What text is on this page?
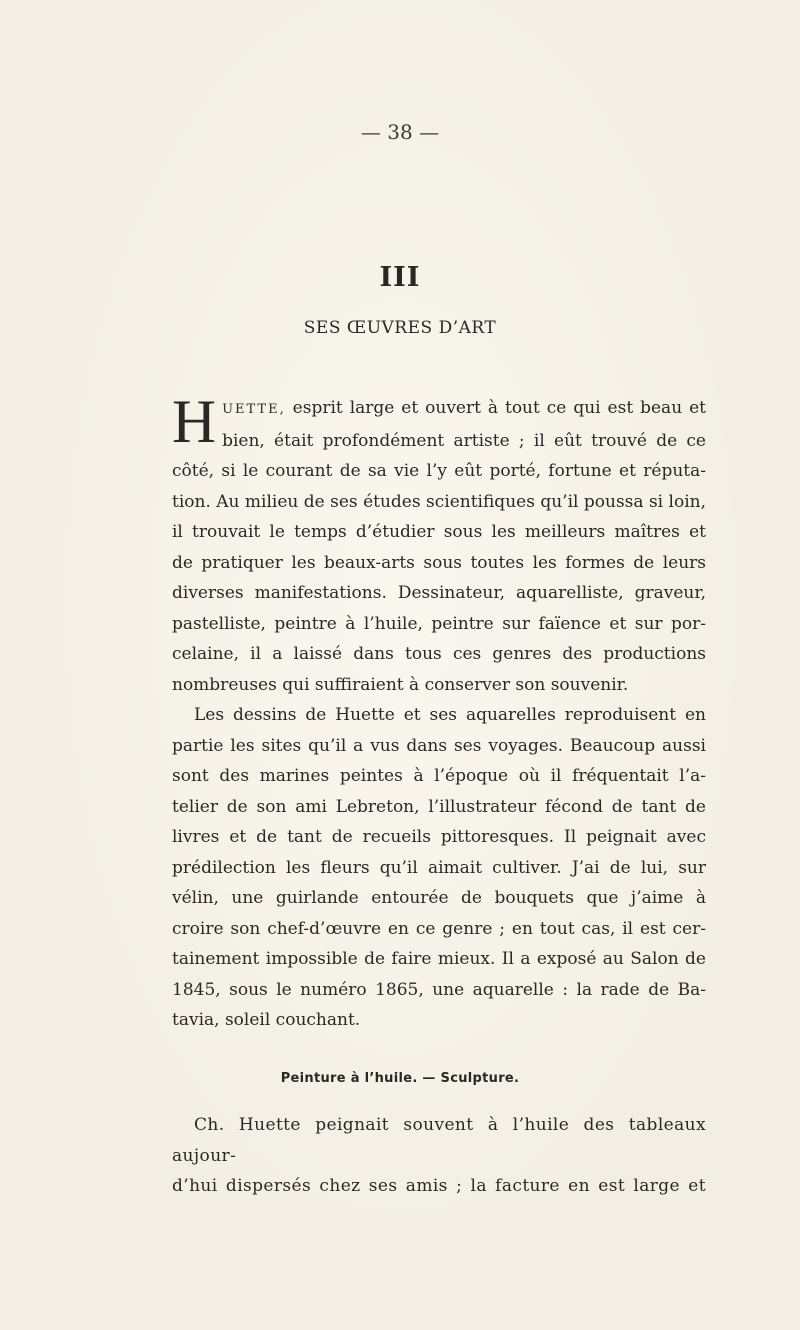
— 38 —
III
SES ŒUVRES D’ART

H UETTE, esprit large et ouvert à tout ce qui est beau et
bien, était profondément artiste ; il eût trouvé de ce
côté, si le courant de sa vie l’y eût porté, fortune et réputa-
tion. Au milieu de ses études scientifiques qu’il poussa si loin,
il trouvait le temps d’étudier sous les meilleurs maîtres et
de pratiquer les beaux-arts sous toutes les formes de leurs
diverses manifestations. Dessinateur, aquarelliste, graveur,
pastelliste, peintre à l’huile, peintre sur faïence et sur por-
celaine, il a laissé dans tous ces genres des productions
nombreuses qui suffiraient à conserver son souvenir.

Les dessins de Huette et ses aquarelles reproduisent en
partie les sites qu’il a vus dans ses voyages. Beaucoup aussi
sont des marines peintes à l’époque où il fréquentait l’a-
telier de son ami Lebreton, l’illustrateur fécond de tant de
livres et de tant de recueils pittoresques. Il peignait avec
prédilection les fleurs qu’il aimait cultiver. J’ai de lui, sur
vélin, une guirlande entourée de bouquets que j’aime à
croire son chef-d’œuvre en ce genre ; en tout cas, il est cer-
tainement impossible de faire mieux. Il a exposé au Salon de
1845, sous le numéro 1865, une aquarelle : la rade de Ba-
tavia, soleil couchant.

Peinture à l’huile. — Sculpture.

Ch. Huette peignait souvent à l’huile des tableaux aujour-
d’hui dispersés chez ses amis ; la facture en est large et
